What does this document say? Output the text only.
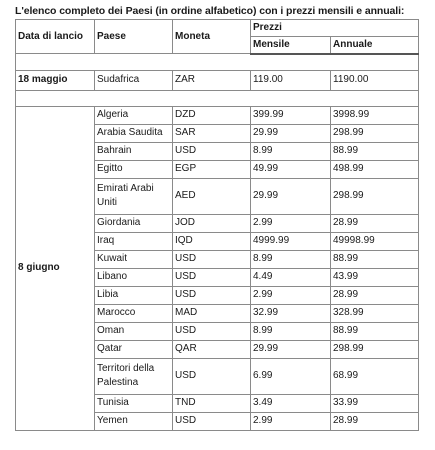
L'elenco completo dei Paesi (in ordine alfabetico) con i prezzi mensili e annuali:
Data di lancio	Paese	Moneta	Prezzi	
			Mensile	Annuale

18 maggio	Sudafrica	ZAR	119.00	1190.00

8 giugno	Algeria	DZD	399.99	3998.99
	Arabia Saudita	SAR	29.99	298.99
	Bahrain	USD	8.99	88.99
	Egitto	EGP	49.99	498.99
	Emirati Arabi Uniti	AED	29.99	298.99
	Giordania	JOD	2.99	28.99
	Iraq	IQD	4999.99	49998.99
	Kuwait	USD	8.99	88.99
	Libano	USD	4.49	43.99
	Libia	USD	2.99	28.99
	Marocco	MAD	32.99	328.99
	Oman	USD	8.99	88.99
	Qatar	QAR	29.99	298.99
	Territori della Palestina	USD	6.99	68.99
	Tunisia	TND	3.49	33.99
	Yemen	USD	2.99	28.99
